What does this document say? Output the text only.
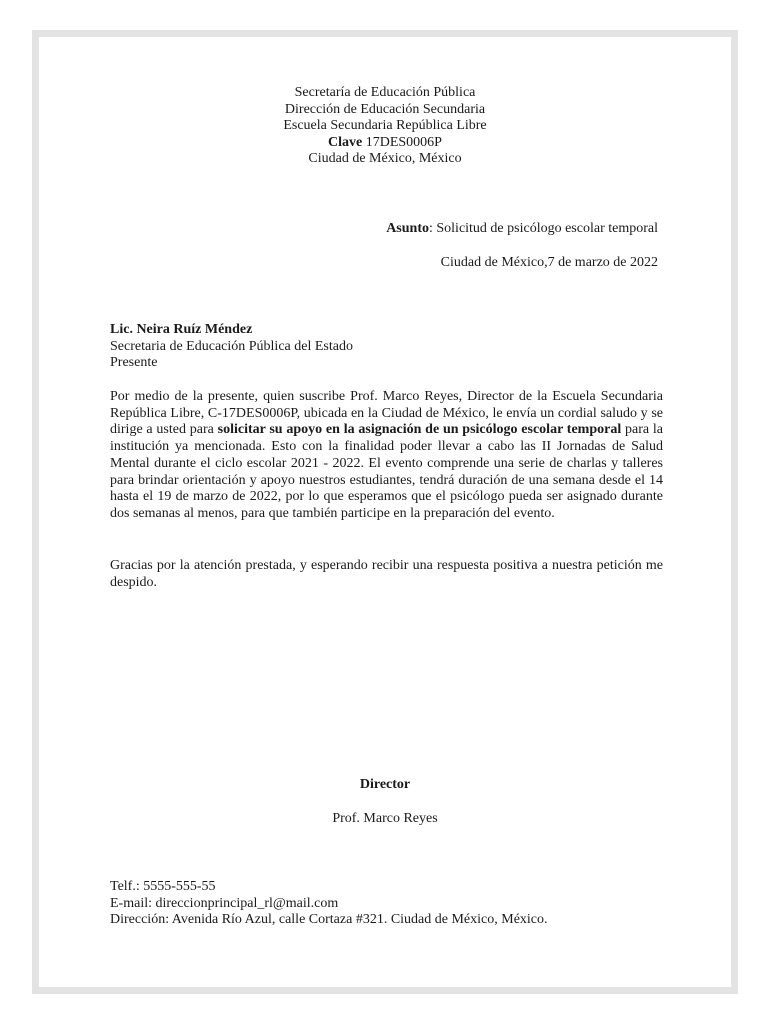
Secretaría de Educación Pública
Dirección de Educación Secundaria
Escuela Secundaria República Libre
Clave 17DES0006P
Ciudad de México, México
Asunto: Solicitud de psicólogo escolar temporal
Ciudad de México,7 de marzo de 2022
Lic. Neira Ruíz Méndez
Secretaria de Educación Pública del Estado
Presente
Por medio de la presente, quien suscribe Prof. Marco Reyes, Director de la Escuela Secundaria República Libre, C-17DES0006P, ubicada en la Ciudad de México, le envía un cordial saludo y se dirige a usted para solicitar su apoyo en la asignación de un psicólogo escolar temporal para la institución ya mencionada. Esto con la finalidad poder llevar a cabo las II Jornadas de Salud Mental durante el ciclo escolar 2021 - 2022. El evento comprende una serie de charlas y talleres para brindar orientación y apoyo nuestros estudiantes, tendrá duración de una semana desde el 14 hasta el 19 de marzo de 2022, por lo que esperamos que el psicólogo pueda ser asignado durante dos semanas al menos, para que también participe en la preparación del evento.
Gracias por la atención prestada, y esperando recibir una respuesta positiva a nuestra petición me despido.
Director
Prof. Marco Reyes
Telf.: 5555-555-55
E-mail: direccionprincipal_rl@mail.com
Dirección: Avenida Río Azul, calle Cortaza #321. Ciudad de México, México.
